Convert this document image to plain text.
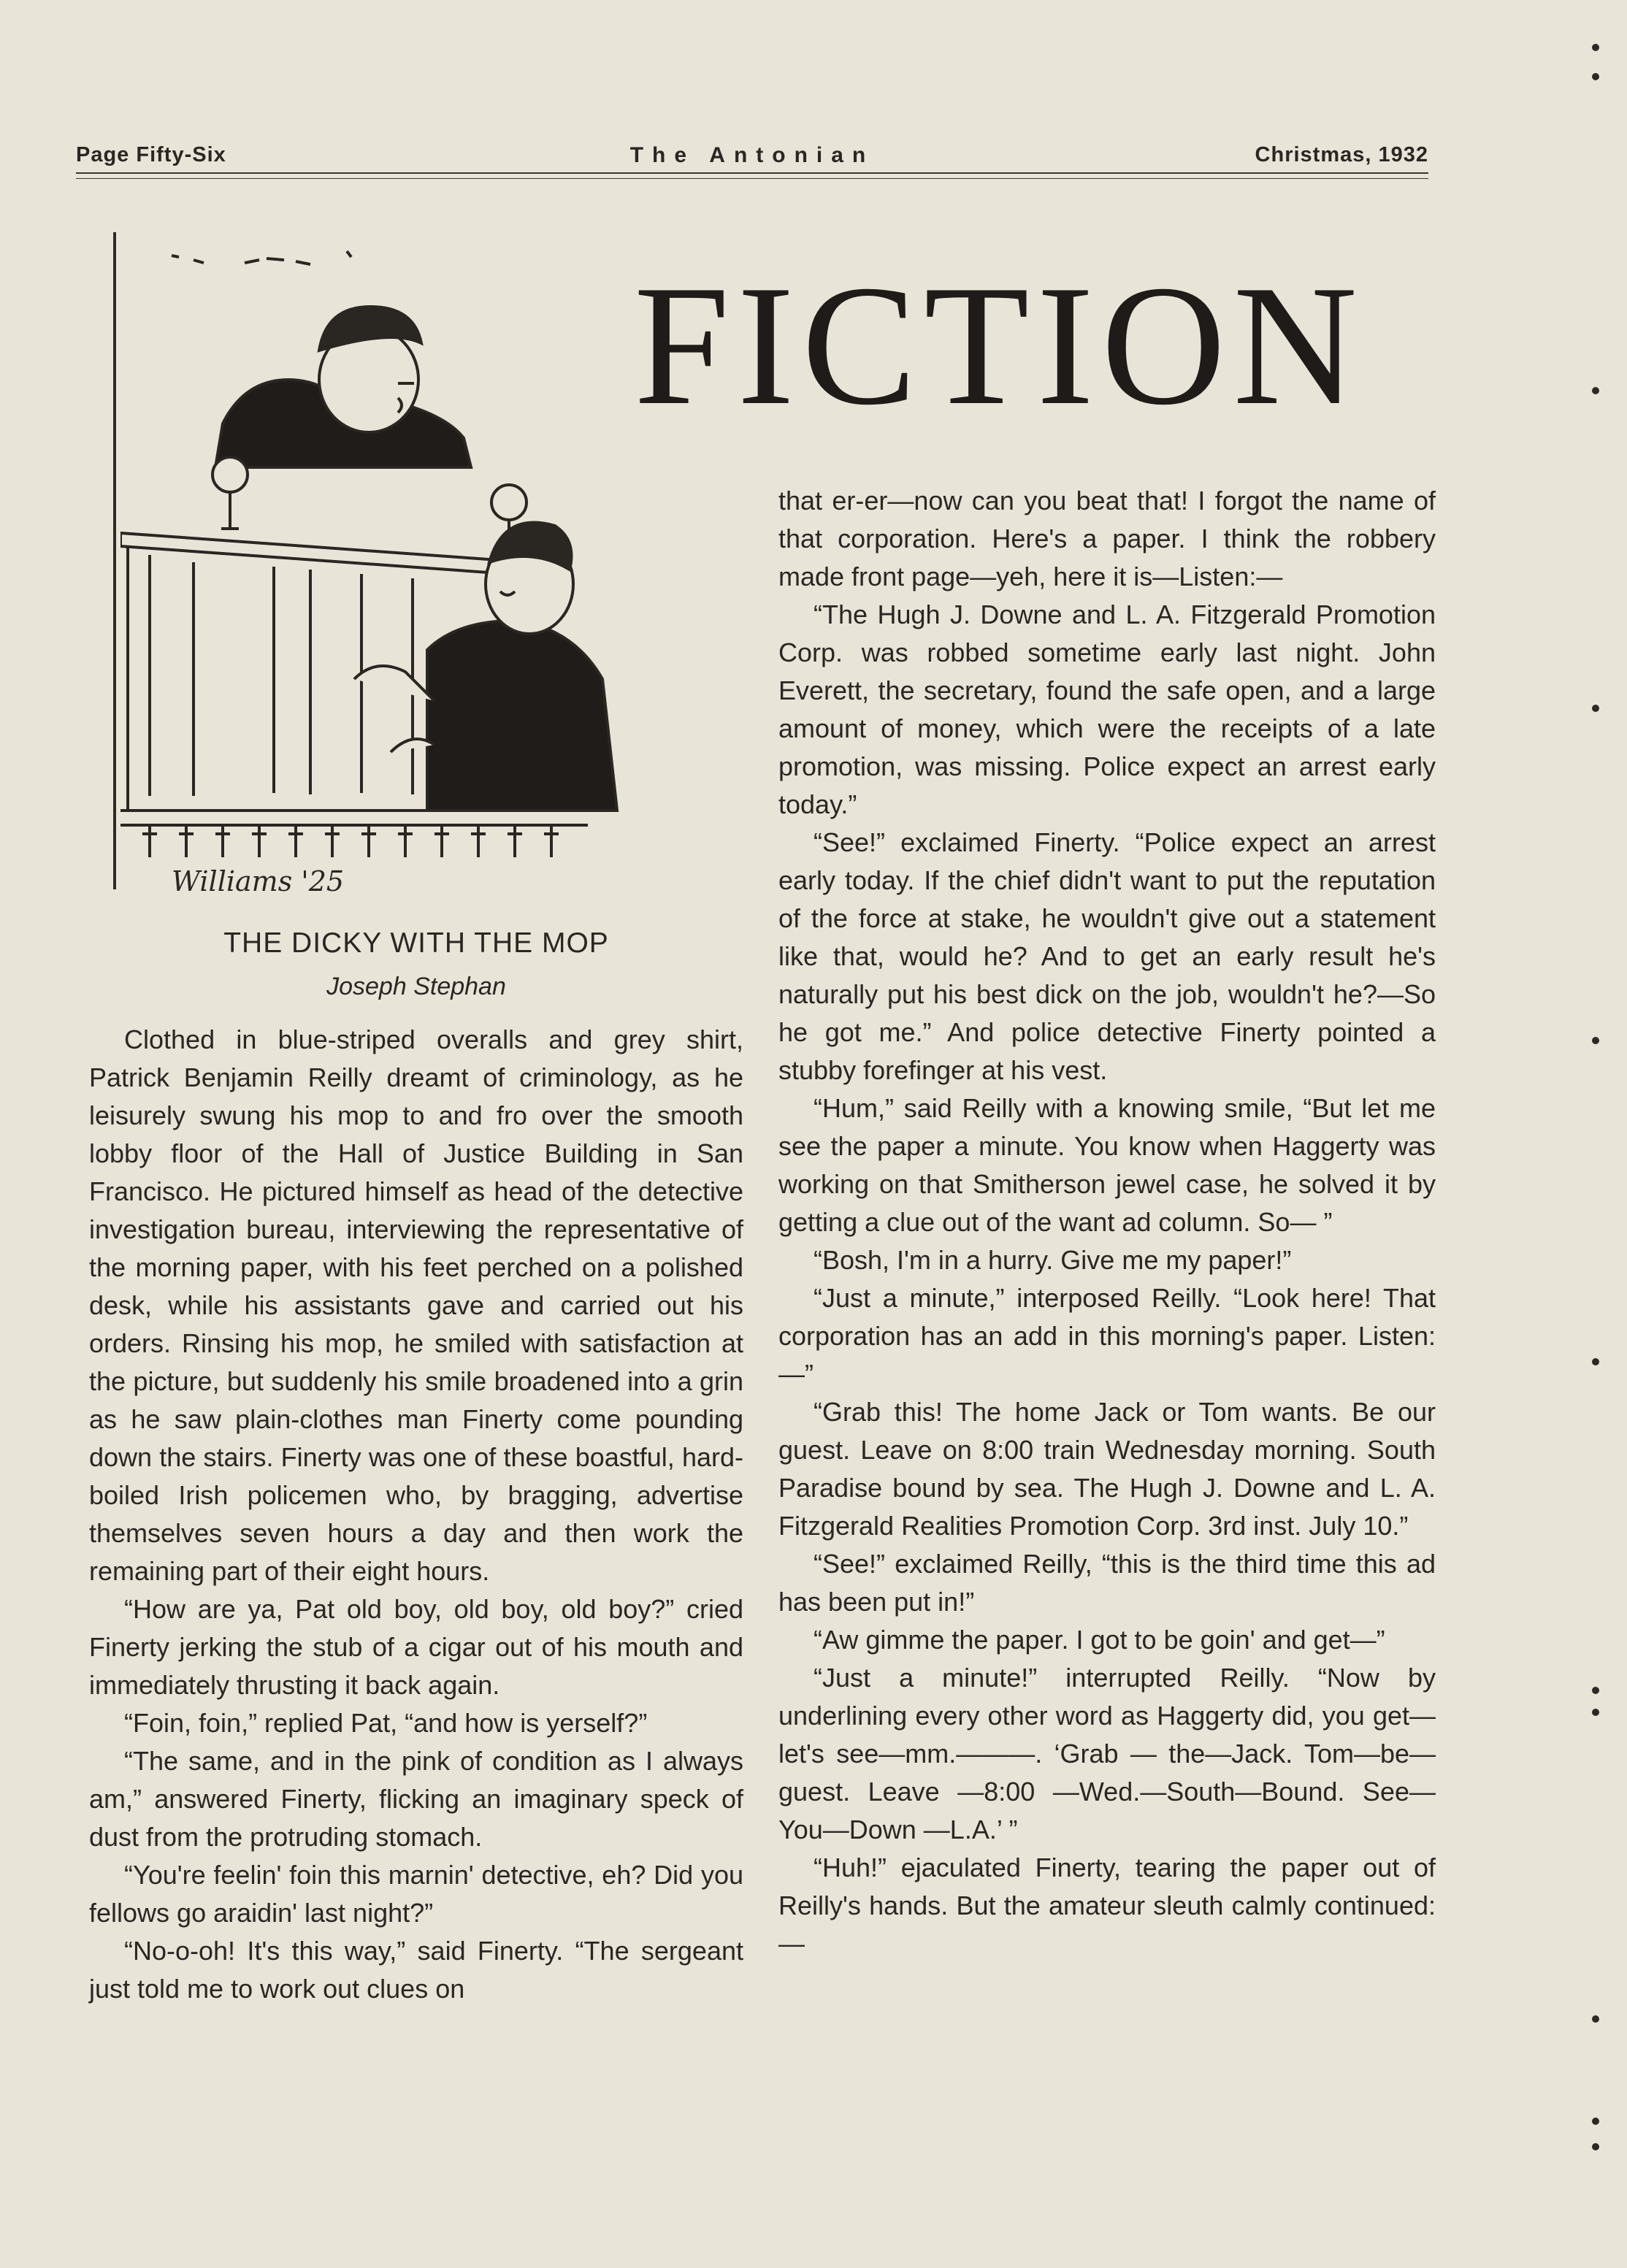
Page Fifty-Six	The Antonian	Christmas, 1932
Williams '25
FICTION
THE DICKY WITH THE MOP
Joseph Stephan

Clothed in blue-striped overalls and grey shirt, Patrick Benjamin Reilly dreamt of criminology, as he leisurely swung his mop to and fro over the smooth lobby floor of the Hall of Justice Building in San Francisco. He pictured himself as head of the detective investigation bureau, interviewing the representative of the morning paper, with his feet perched on a polished desk, while his assistants gave and carried out his orders. Rinsing his mop, he smiled with satisfaction at the picture, but suddenly his smile broadened into a grin as he saw plain-clothes man Finerty come pounding down the stairs. Finerty was one of these boastful, hard-boiled Irish policemen who, by bragging, advertise themselves seven hours a day and then work the remaining part of their eight hours.

“How are ya, Pat old boy, old boy, old boy?” cried Finerty jerking the stub of a cigar out of his mouth and immediately thrusting it back again.

“Foin, foin,” replied Pat, “and how is yerself?”

“The same, and in the pink of condition as I always am,” answered Finerty, flicking an imaginary speck of dust from the protruding stomach.

“You're feelin' foin this marnin' detective, eh? Did you fellows go araidin' last night?”

“No-o-oh! It's this way,” said Finerty. “The sergeant just told me to work out clues on

that er-er—now can you beat that! I forgot the name of that corporation. Here's a paper. I think the robbery made front page—yeh, here it is—Listen:—

“The Hugh J. Downe and L. A. Fitzgerald Promotion Corp. was robbed sometime early last night. John Everett, the secretary, found the safe open, and a large amount of money, which were the receipts of a late promotion, was missing. Police expect an arrest early today.”

“See!” exclaimed Finerty. “Police expect an arrest early today. If the chief didn't want to put the reputation of the force at stake, he wouldn't give out a statement like that, would he? And to get an early result he's naturally put his best dick on the job, wouldn't he?—So he got me.” And police detective Finerty pointed a stubby forefinger at his vest.

“Hum,” said Reilly with a knowing smile, “But let me see the paper a minute. You know when Haggerty was working on that Smitherson jewel case, he solved it by getting a clue out of the want ad column. So— ”

“Bosh, I'm in a hurry. Give me my paper!”

“Just a minute,” interposed Reilly. “Look here! That corporation has an add in this morning's paper. Listen:—”

“Grab this! The home Jack or Tom wants. Be our guest. Leave on 8:00 train Wednesday morning. South Paradise bound by sea. The Hugh J. Downe and L. A. Fitzgerald Realities Promotion Corp. 3rd inst. July 10.”

“See!” exclaimed Reilly, “this is the third time this ad has been put in!”

“Aw gimme the paper. I got to be goin' and get—”

“Just a minute!” interrupted Reilly. “Now by underlining every other word as Haggerty did, you get— let's see—mm.———. ‘Grab — the—Jack. Tom—be—guest. Leave —8:00 —Wed.—South—Bound. See—You—Down —L.A.’ ”

“Huh!” ejaculated Finerty, tearing the paper out of Reilly's hands. But the amateur sleuth calmly continued:—
